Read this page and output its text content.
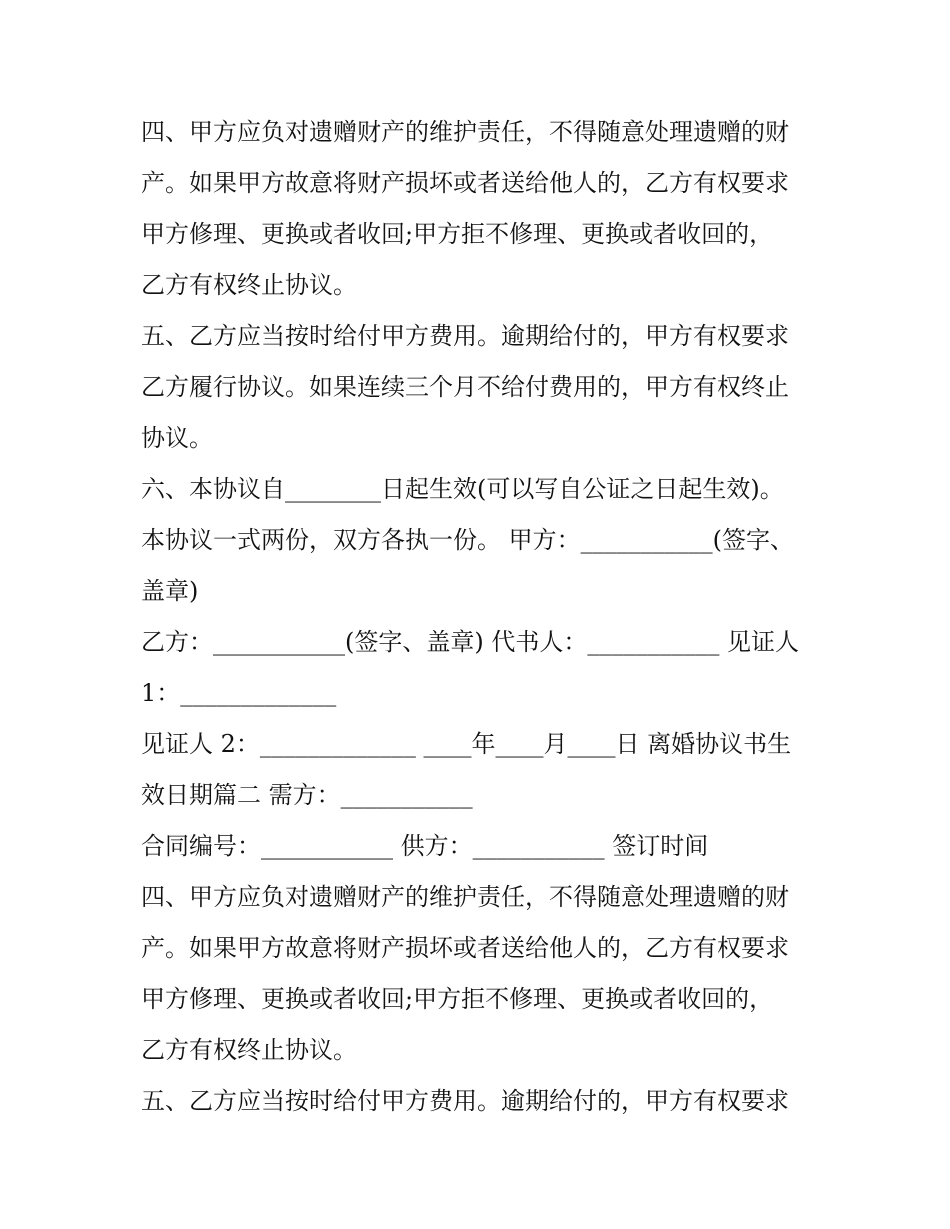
四、甲方应负对遗赠财产的维护责任，不得随意处理遗赠的财
产。如果甲方故意将财产损坏或者送给他人的，乙方有权要求
甲方修理、更换或者收回;甲方拒不修理、更换或者收回的，
乙方有权终止协议。
五、乙方应当按时给付甲方费用。逾期给付的，甲方有权要求
乙方履行协议。如果连续三个月不给付费用的，甲方有权终止
协议。
六、本协议自________日起生效(可以写自公证之日起生效)。
本协议一式两份，双方各执一份。 甲方：___________(签字、
盖章)
乙方：___________(签字、盖章) 代书人：___________ 见证人
1：_____________
见证人 2：_____________ ____年____月____日 离婚协议书生
效日期篇二 需方：___________
合同编号：___________ 供方：___________ 签订时间
四、甲方应负对遗赠财产的维护责任，不得随意处理遗赠的财
产。如果甲方故意将财产损坏或者送给他人的，乙方有权要求
甲方修理、更换或者收回;甲方拒不修理、更换或者收回的，
乙方有权终止协议。
五、乙方应当按时给付甲方费用。逾期给付的，甲方有权要求
